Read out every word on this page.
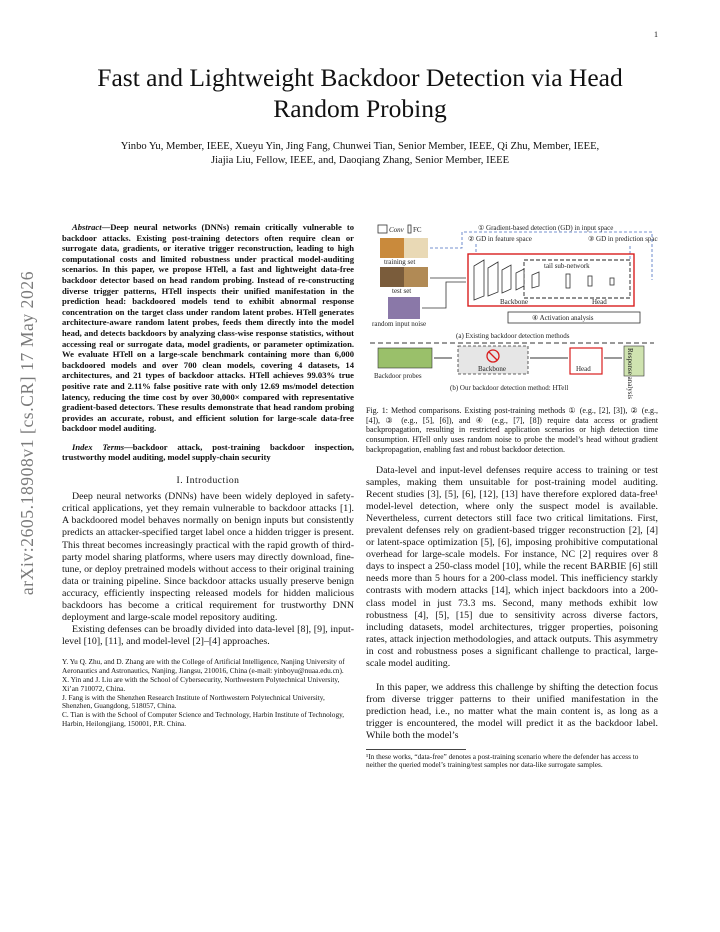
1
arXiv:2605.18908v1 [cs.CR] 17 May 2026
Fast and Lightweight Backdoor Detection via Head Random Probing
Yinbo Yu, Member, IEEE, Xueyu Yin, Jing Fang, Chunwei Tian, Senior Member, IEEE, Qi Zhu, Member, IEEE,
Jiajia Liu, Fellow, IEEE, and, Daoqiang Zhang, Senior Member, IEEE
Abstract—Deep neural networks (DNNs) remain critically vulnerable to backdoor attacks. Existing post-training detectors often require clean or surrogate data, gradients, or iterative trigger reconstruction, leading to high computational costs and limited robustness under practical model-auditing scenarios. In this paper, we propose HTell, a fast and lightweight data-free backdoor detector based on head random probing. Instead of re-constructing diverse trigger patterns, HTell inspects their unified manifestation in the prediction head: backdoored models tend to exhibit abnormal response concentration on the target class under random latent probes. HTell generates architecture-aware random latent probes, feeds them directly into the model head, and detects backdoors by analyzing class-wise response statistics, without accessing real or surrogate data, model gradients, or parameter optimization. We evaluate HTell on a large-scale benchmark containing more than 6,000 backdoored models and over 700 clean models, covering 4 datasets, 14 architectures, and 21 types of backdoor attacks. HTell achieves 99.03% true positive rate and 2.11% false positive rate with only 12.69 ms/model detection latency, reducing the time cost by over 30,000× compared with representative gradient-based detectors. These results demonstrate that head random probing provides an accurate, robust, and efficient solution for large-scale data-free backdoor model auditing.
Index Terms—backdoor attack, post-training backdoor inspection, trustworthy model auditing, model supply-chain security
I. Introduction

Deep neural networks (DNNs) have been widely deployed in safety-critical applications, yet they remain vulnerable to backdoor attacks [1]. A backdoored model behaves normally on benign inputs but consistently predicts an attacker-specified target label once a hidden trigger is present. This threat becomes increasingly practical with the rapid growth of third-party model sharing platforms, where users may directly download, fine-tune, or deploy pretrained models without access to their original training data or training pipeline. Since backdoor attacks usually preserve benign accuracy, efficiently inspecting released models for hidden malicious backdoors has become a critical requirement for trustworthy DNN deployment and large-scale model repository auditing.

Existing defenses can be broadly divided into data-level [8], [9], input-level [10], [11], and model-level [2]–[4] approaches.

Y. Yu Q. Zhu, and D. Zhang are with the College of Artificial Intelligence, Nanjing University of Aeronautics and Astronautics, Nanjing, Jiangsu, 210016, China (e-mail: yinboyu@nuaa.edu.cn).
X. Yin and J. Liu are with the School of Cybersecurity, Northwestern Polytechnical University, Xi’an 710072, China.
J. Fang is with the Shenzhen Research Institute of Northwestern Polytechnical University, Shenzhen, Guangdong, 518057, China.
C. Tian is with the School of Computer Science and Technology, Harbin Institute of Technology, Harbin, Heilongjiang, 150001, P.R. China.
Conv FC
training set
test set
random input noise
① Gradient-based detection (GD) in input space
② GD in feature space	③ GD in prediction space
tail sub-network
Backbone	Head
④ Activation analysis
(a) Existing backdoor detection methods
Backdoor probes
Backbone	Head	Response analysis
(b) Our backdoor detection method: HTell
Fig. 1: Method comparisons. Existing post-training methods ① (e.g., [2], [3]), ② (e.g., [4]), ③ (e.g., [5], [6]), and ④ (e.g., [7], [8]) require data access or gradient backpropagation, resulting in restricted application scenarios or high detection time consumption. HTell only uses random noise to probe the model’s head without gradient backpropagation, enabling fast and robust backdoor detection.

Data-level and input-level defenses require access to training or test samples, making them unsuitable for post-training model auditing. Recent studies [3], [5], [6], [12], [13] have therefore explored data-free¹ model-level detection, where only the suspect model is available. Nevertheless, current detectors still face two critical limitations. First, prevalent defenses rely on gradient-based trigger reconstruction [2], [4] or latent-space optimization [5], [6], imposing prohibitive computational overhead for large-scale models. For instance, NC [2] requires over 8 days to inspect a 250-class model [10], while the recent BARBIE [6] still needs more than 5 hours for a 200-class model. This inefficiency starkly contrasts with modern attacks [14], which inject backdoors into a 200-class model in just 73.3 ms. Second, many methods exhibit low robustness [4], [5], [15] due to sensitivity across diverse factors, including datasets, model architectures, trigger properties, poisoning rates, attack injection methodologies, and attack outputs. This asymmetry in cost and robustness poses a significant challenge to practical, large-scale model auditing.

In this paper, we address this challenge by shifting the detection focus from diverse trigger patterns to their unified manifestation in the prediction head, i.e., no matter what the main content is, as long as a trigger is encountered, the model will predict it as the backdoor label. While both the model’s

¹In these works, “data-free” denotes a post-training scenario where the defender has access to neither the queried model’s training/test samples nor data-like surrogate samples.
